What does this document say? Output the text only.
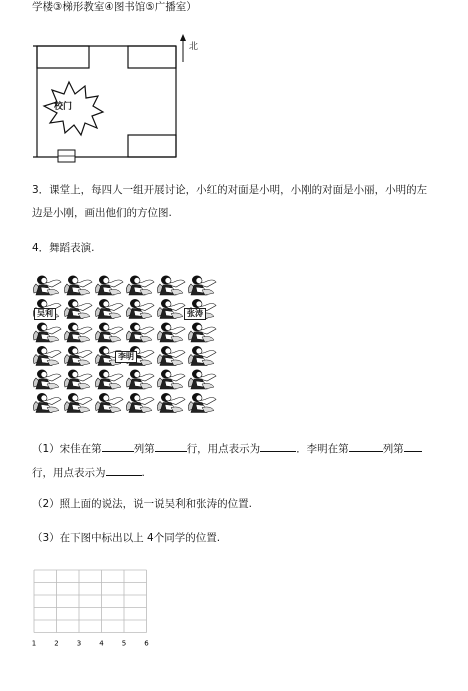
学楼③梯形教室④图书馆⑤广播室）
校门
北
3．课堂上，每四人一组开展讨论，小红的对面是小明，小刚的对面是小丽，小明的左
边是小刚，画出他们的方位图.
4．舞蹈表演.
吴利	张涛
李明
（1）宋佳在第	列第	行，用点表示为	．李明在第	列第
行，用点表示为	.
（2）照上面的说法，说一说吴利和张涛的位置.
（3）在下图中标出以上 4个同学的位置.
1	2	3	4	5	6
